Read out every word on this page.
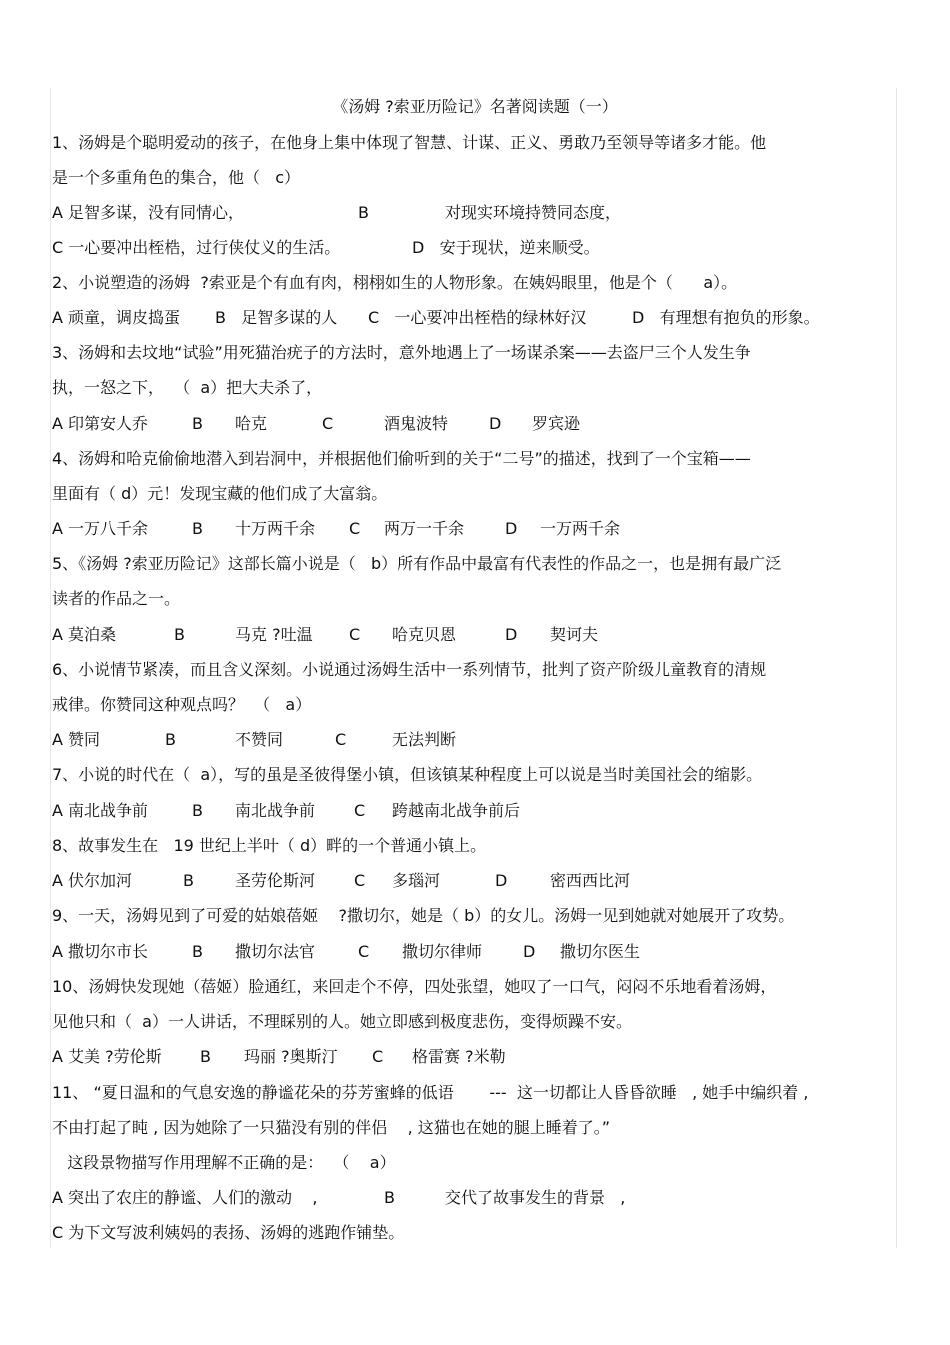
《汤姆 ?索亚历险记》名著阅读题（一）
1、汤姆是个聪明爱动的孩子，在他身上集中体现了智慧、计谋、正义、勇敢乃至领导等诸多才能。他
是一个多重角色的集合，他（   c）
A 足智多谋，没有同情心，	B	对现实环境持赞同态度，
C 一心要冲出桎梏，过行侠仗义的生活。	D   安于现状，逆来顺受。
2、小说塑造的汤姆  ?索亚是个有血有肉，栩栩如生的人物形象。在姨妈眼里，他是个（      a）。
A 顽童，调皮捣蛋 B   足智多谋的人 C   一心要冲出桎梏的绿林好汉	D   有理想有抱负的形象。
3、汤姆和去坟地“试验”用死猫治疣子的方法时，意外地遇上了一场谋杀案——去盗尸三个人发生争
执，一怒之下，  （  a）把大夫杀了，
A 印第安人乔	B 哈克	C	酒鬼波特	D 罗宾逊
4、汤姆和哈克偷偷地潜入到岩洞中，并根据他们偷听到的关于“二号”的描述，找到了一个宝箱——
里面有（ d）元！发现宝藏的他们成了大富翁。
A 一万八千余	B 十万两千余 C 两万一千余	D 一万两千余
5、《汤姆 ?索亚历险记》这部长篇小说是（   b）所有作品中最富有代表性的作品之一，也是拥有最广泛
读者的作品之一。
A 莫泊桑	B	马克 ?吐温 C 哈克贝恩	D 契诃夫
6、小说情节紧凑，而且含义深刻。小说通过汤姆生活中一系列情节，批判了资产阶级儿童教育的清规
戒律。你赞同这种观点吗？  （   a）
A 赞同	B	不赞同	C	无法判断
7、小说的时代在（  a），写的虽是圣彼得堡小镇，但该镇某种程度上可以说是当时美国社会的缩影。
A 南北战争前	B 南北战争前 C 跨越南北战争前后
8、故事发生在   19 世纪上半叶（ d）畔的一个普通小镇上。
A 伏尔加河	B	圣劳伦斯河 C 多瑙河	D	密西西比河
9、一天，汤姆见到了可爱的姑娘蓓姬    ?撒切尔，她是（ b）的女儿。汤姆一见到她就对她展开了攻势。
A 撒切尔市长	B 撒切尔法官	C 撒切尔律师	D 撒切尔医生
10、汤姆快发现她（蓓姬）脸通红，来回走个不停，四处张望，她叹了一口气，闷闷不乐地看着汤姆，
见他只和（  a）一人讲话，不理睬别的人。她立即感到极度悲伤，变得烦躁不安。
A 艾美 ?劳伦斯 B 玛丽 ?奥斯汀 C 格雷赛 ?米勒
11、 “夏日温和的气息安逸的静谧花朵的芬芳蜜蜂的低语       ---  这一切都让人昏昏欲睡   , 她手中编织着 ,
不由打起了盹 , 因为她除了一只猫没有别的伴侣    , 这猫也在她的腿上睡着了。”
这段景物描写作用理解不正确的是：  （    a）
A 突出了农庄的静谧、人们的激动    ,	B	交代了故事发生的背景   ,
C 为下文写波利姨妈的表扬、汤姆的逃跑作铺垫。
